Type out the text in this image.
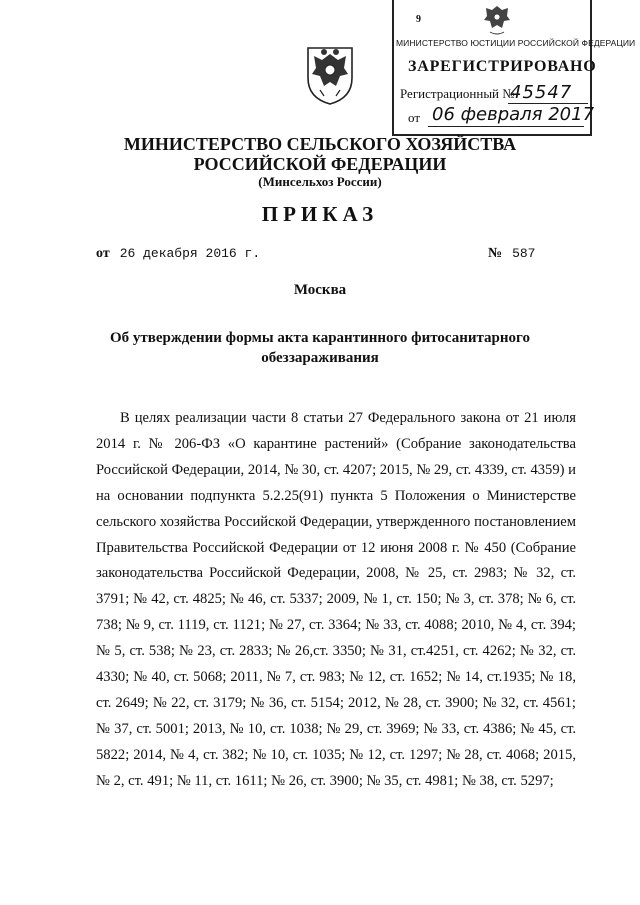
9
МИНИСТЕРСТВО ЮСТИЦИИ РОССИЙСКОЙ ФЕДЕРАЦИИ
ЗАРЕГИСТРИРОВАНО
Регистрационный №
45547
от 06 февраля 2017
МИНИСТЕРСТВО СЕЛЬСКОГО ХОЗЯЙСТВА
РОССИЙСКОЙ ФЕДЕРАЦИИ
(Минсельхоз России)
ПРИКАЗ
от 26 декабря 2016 г.	№ 587
Москва
Об утверждении формы акта карантинного фитосанитарного
обеззараживания

В целях реализации части 8 статьи 27 Федерального закона от 21 июля 2014 г. № 206-ФЗ «О карантине растений» (Собрание законодательства Российской Федерации, 2014, № 30, ст. 4207; 2015, № 29, ст. 4339, ст. 4359) и на основании подпункта 5.2.25(91) пункта 5 Положения о Министерстве сельского хозяйства Российской Федерации, утвержденного постановлением Правительства Российской Федерации от 12 июня 2008 г. № 450 (Собрание законодательства Российской Федерации, 2008, № 25, ст. 2983; № 32, ст. 3791; № 42, ст. 4825; № 46, ст. 5337; 2009, № 1, ст. 150; № 3, ст. 378; № 6, ст. 738; № 9, ст. 1119, ст. 1121; № 27, ст. 3364; № 33, ст. 4088; 2010, № 4, ст. 394; № 5, ст. 538; № 23, ст. 2833; № 26,ст. 3350; № 31, ст.4251, ст. 4262; № 32, ст. 4330; № 40, ст. 5068; 2011, № 7, ст. 983; № 12, ст. 1652; № 14, ст.1935; № 18, ст. 2649; № 22, ст. 3179; № 36, ст. 5154; 2012, № 28, ст. 3900; № 32, ст. 4561; № 37, ст. 5001; 2013, № 10, ст. 1038; № 29, ст. 3969; № 33, ст. 4386; № 45, ст. 5822; 2014, № 4, ст. 382; № 10, ст. 1035; № 12, ст. 1297; № 28, ст. 4068; 2015, № 2, ст. 491; № 11, ст. 1611; № 26, ст. 3900; № 35, ст. 4981; № 38, ст. 5297;
